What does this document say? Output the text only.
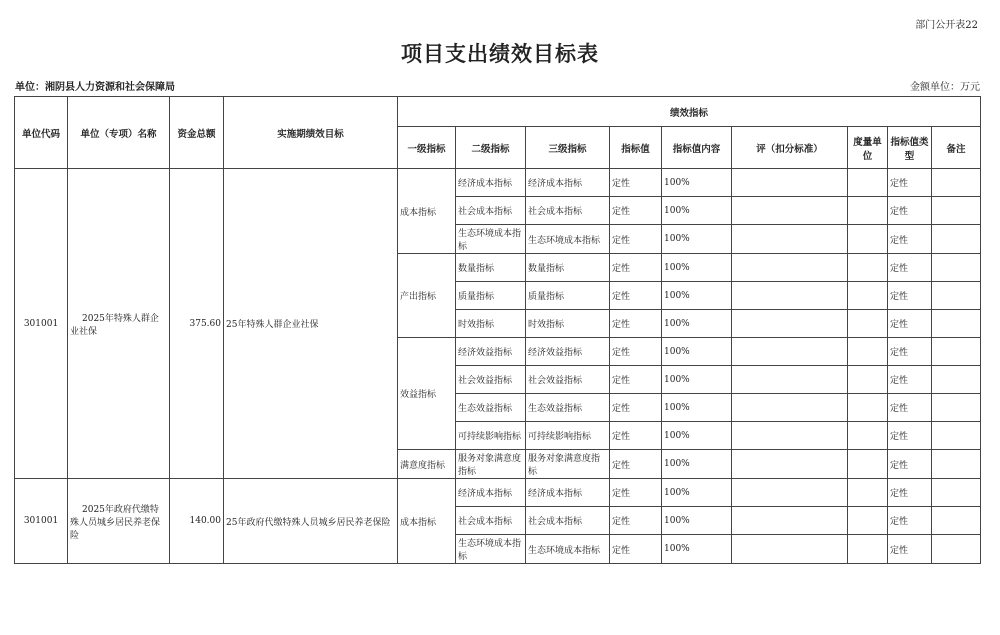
部门公开表22
项目支出绩效目标表
单位：湘阴县人力资源和社会保障局	金额单位：万元
单位代码	单位（专项）名称	资金总额	实施期绩效目标	绩效指标								
				一级指标	二级指标	三级指标	指标值	指标值内容	评（扣分标准）	度量单位	指标值类型	备注
301001	2025年特殊人群企业社保	375.60	25年特殊人群企业社保	成本指标	经济成本指标	经济成本指标	定性	100%			定性	
					社会成本指标	社会成本指标	定性	100%			定性	
					生态环境成本指标	生态环境成本指标	定性	100%			定性	
				产出指标	数量指标	数量指标	定性	100%			定性	
					质量指标	质量指标	定性	100%			定性	
					时效指标	时效指标	定性	100%			定性	
				效益指标	经济效益指标	经济效益指标	定性	100%			定性	
					社会效益指标	社会效益指标	定性	100%			定性	
					生态效益指标	生态效益指标	定性	100%			定性	
					可持续影响指标	可持续影响指标	定性	100%			定性	
				满意度指标	服务对象满意度指标	服务对象满意度指标	定性	100%			定性	
301001	2025年政府代缴特殊人员城乡居民养老保险	140.00	25年政府代缴特殊人员城乡居民养老保险	成本指标	经济成本指标	经济成本指标	定性	100%			定性	
					社会成本指标	社会成本指标	定性	100%			定性	
					生态环境成本指标	生态环境成本指标	定性	100%			定性	
